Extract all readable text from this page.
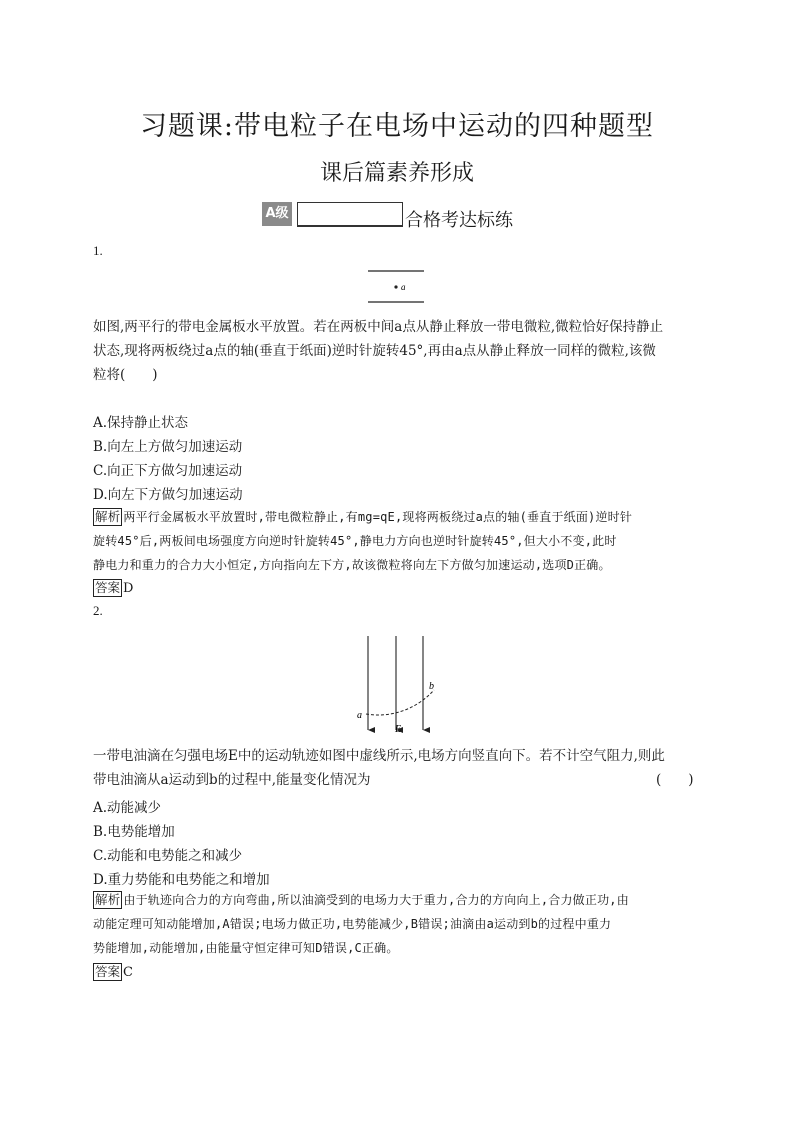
习题课:带电粒子在电场中运动的四种题型
课后篇素养形成
A级	合格考达标练
1.
a
如图,两平行的带电金属板水平放置。若在两板中间a点从静止释放一带电微粒,微粒恰好保持静止
状态,现将两板绕过a点的轴(垂直于纸面)逆时针旋转45°,再由a点从静止释放一同样的微粒,该微
粒将(　　)
A.保持静止状态
B.向左上方做匀加速运动
C.向正下方做匀加速运动
D.向左下方做匀加速运动
解析 两平行金属板水平放置时,带电微粒静止,有mg=qE,现将两板绕过a点的轴(垂直于纸面)逆时针
旋转45°后,两板间电场强度方向逆时针旋转45°,静电力方向也逆时针旋转45°,但大小不变,此时
静电力和重力的合力大小恒定,方向指向左下方,故该微粒将向左下方做匀加速运动,选项D正确。
答案 D
2.
a
b
E
一带电油滴在匀强电场E中的运动轨迹如图中虚线所示,电场方向竖直向下。若不计空气阻力,则此
带电油滴从a运动到b的过程中,能量变化情况为	(　　)
A.动能减少
B.电势能增加
C.动能和电势能之和减少
D.重力势能和电势能之和增加
解析 由于轨迹向合力的方向弯曲,所以油滴受到的电场力大于重力,合力的方向向上,合力做正功,由
动能定理可知动能增加,A错误;电场力做正功,电势能减少,B错误;油滴由a运动到b的过程中重力
势能增加,动能增加,由能量守恒定律可知D错误,C正确。
答案 C
